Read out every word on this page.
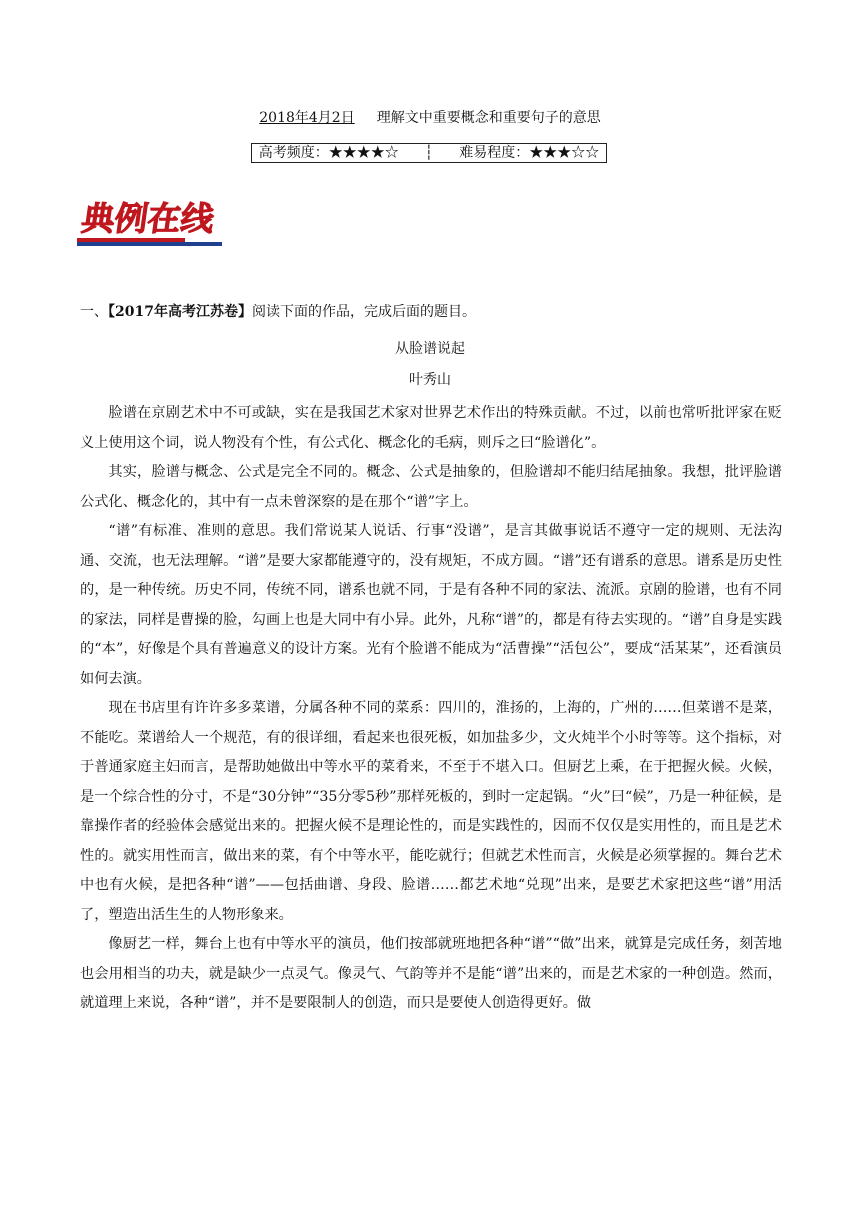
2018年4月2日 理解文中重要概念和重要句子的意思
高考频度：★★★★☆ ┆ 难易程度：★★★☆☆
典例在线
一、【2017年高考江苏卷】阅读下面的作品，完成后面的题目。
从脸谱说起
叶秀山

脸谱在京剧艺术中不可或缺，实在是我国艺术家对世界艺术作出的特殊贡献。不过，以前也常听批评家在贬义上使用这个词，说人物没有个性，有公式化、概念化的毛病，则斥之曰“脸谱化”。

其实，脸谱与概念、公式是完全不同的。概念、公式是抽象的，但脸谱却不能归结尾抽象。我想，批评脸谱公式化、概念化的，其中有一点未曾深察的是在那个“谱”字上。

“谱”有标准、准则的意思。我们常说某人说话、行事“没谱”，是言其做事说话不遵守一定的规则、无法沟通、交流，也无法理解。“谱”是要大家都能遵守的，没有规矩，不成方圆。“谱”还有谱系的意思。谱系是历史性的，是一种传统。历史不同，传统不同，谱系也就不同，于是有各种不同的家法、流派。京剧的脸谱，也有不同的家法，同样是曹操的脸，勾画上也是大同中有小异。此外，凡称“谱”的，都是有待去实现的。“谱”自身是实践的“本”，好像是个具有普遍意义的设计方案。光有个脸谱不能成为“活曹操”“活包公”，要成“活某某”，还看演员如何去演。

现在书店里有许许多多菜谱，分属各种不同的菜系：四川的，淮扬的，上海的，广州的……但菜谱不是菜，不能吃。菜谱给人一个规范，有的很详细，看起来也很死板，如加盐多少，文火炖半个小时等等。这个指标，对于普通家庭主妇而言，是帮助她做出中等水平的菜肴来，不至于不堪入口。但厨艺上乘，在于把握火候。火候，是一个综合性的分寸，不是“30分钟”“35分零5秒”那样死板的，到时一定起锅。“火”曰“候”，乃是一种征候，是靠操作者的经验体会感觉出来的。把握火候不是理论性的，而是实践性的，因而不仅仅是实用性的，而且是艺术性的。就实用性而言，做出来的菜，有个中等水平，能吃就行；但就艺术性而言，火候是必须掌握的。舞台艺术中也有火候，是把各种“谱”——包括曲谱、身段、脸谱……都艺术地“兑现”出来，是要艺术家把这些“谱”用活了，塑造出活生生的人物形象来。

像厨艺一样，舞台上也有中等水平的演员，他们按部就班地把各种“谱”“做”出来，就算是完成任务，刻苦地也会用相当的功夫，就是缺少一点灵气。像灵气、气韵等并不是能“谱”出来的，而是艺术家的一种创造。然而，就道理上来说，各种“谱”，并不是要限制人的创造，而只是要使人创造得更好。做
